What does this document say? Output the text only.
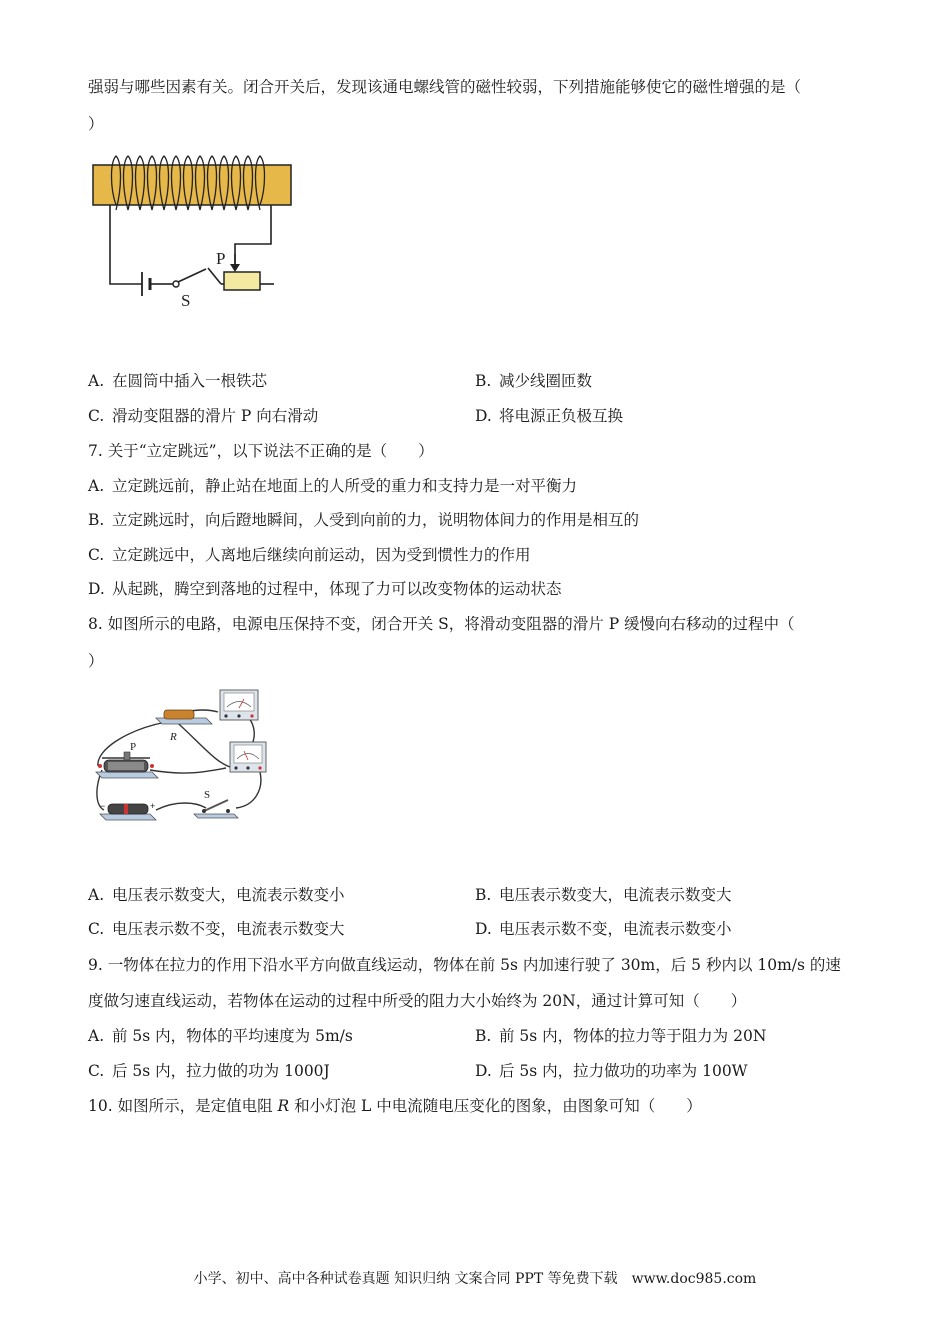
强弱与哪些因素有关。闭合开关后，发现该通电螺线管的磁性较弱，下列措施能够使它的磁性增强的是（
）
P
S
A. 在圆筒中插入一根铁芯	B. 减少线圈匝数
C. 滑动变阻器的滑片 P 向右滑动	D. 将电源正负极互换
7. 关于“立定跳远”，以下说法不正确的是（　　）
A. 立定跳远前，静止站在地面上的人所受的重力和支持力是一对平衡力
B. 立定跳远时，向后蹬地瞬间，人受到向前的力，说明物体间力的作用是相互的
C. 立定跳远中，人离地后继续向前运动，因为受到惯性力的作用
D. 从起跳，腾空到落地的过程中，体现了力可以改变物体的运动状态
8. 如图所示的电路，电源电压保持不变，闭合开关 S，将滑动变阻器的滑片 P 缓慢向右移动的过程中（
）
R
P
−	+
S
A. 电压表示数变大，电流表示数变小	B. 电压表示数变大，电流表示数变大
C. 电压表示数不变，电流表示数变大	D. 电压表示数不变，电流表示数变小
9. 一物体在拉力的作用下沿水平方向做直线运动，物体在前 5s 内加速行驶了 30m，后 5 秒内以 10m/s 的速
度做匀速直线运动，若物体在运动的过程中所受的阻力大小始终为 20N，通过计算可知（　　）
A. 前 5s 内，物体的平均速度为 5m/s	B. 前 5s 内，物体的拉力等于阻力为 20N
C. 后 5s 内，拉力做的功为 1000J	D. 后 5s 内，拉力做功的功率为 100W
10. 如图所示，是定值电阻 R 和小灯泡 L 中电流随电压变化的图象，由图象可知（　　）
小学、初中、高中各种试卷真题 知识归纳 文案合同 PPT 等免费下载　www.doc985.com
